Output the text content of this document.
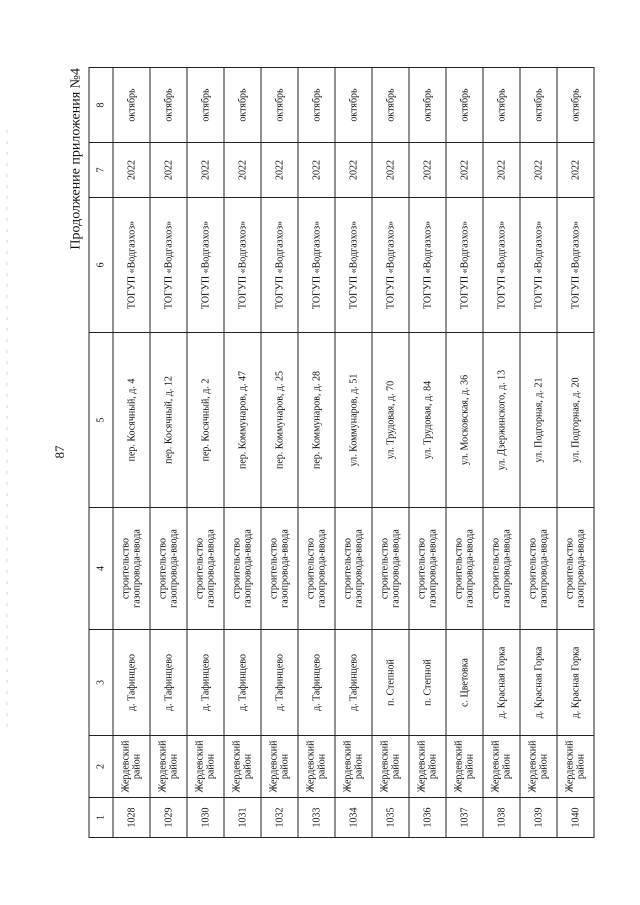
87
Продолжение приложения №4
1	2	3	4	5	6	7	8
1028	Жердевский район	д. Тафинцево	строительство газопровода-ввода	пер. Косячный, д. 4	ТОГУП «Водгазхоз»	2022	октябрь
1029	Жердевский район	д. Тафинцево	строительство газопровода-ввода	пер. Косячный, д. 12	ТОГУП «Водгазхоз»	2022	октябрь
1030	Жердевский район	д. Тафинцево	строительство газопровода-ввода	пер. Косячный, д. 2	ТОГУП «Водгазхоз»	2022	октябрь
1031	Жердевский район	д. Тафинцево	строительство газопровода-ввода	пер. Коммунаров, д. 47	ТОГУП «Водгазхоз»	2022	октябрь
1032	Жердевский район	д. Тафинцево	строительство газопровода-ввода	пер. Коммунаров, д. 25	ТОГУП «Водгазхоз»	2022	октябрь
1033	Жердевский район	д. Тафинцево	строительство газопровода-ввода	пер. Коммунаров, д. 28	ТОГУП «Водгазхоз»	2022	октябрь
1034	Жердевский район	д. Тафинцево	строительство газопровода-ввода	ул. Коммунаров, д. 51	ТОГУП «Водгазхоз»	2022	октябрь
1035	Жердевский район	п. Степной	строительство газопровода-ввода	ул. Трудовая, д. 70	ТОГУП «Водгазхоз»	2022	октябрь
1036	Жердевский район	п. Степной	строительство газопровода-ввода	ул. Трудовая, д. 84	ТОГУП «Водгазхоз»	2022	октябрь
1037	Жердевский район	с. Цветовка	строительство газопровода-ввода	ул. Московская, д. 36	ТОГУП «Водгазхоз»	2022	октябрь
1038	Жердевский район	д. Красная Горка	строительство газопровода-ввода	ул. Дзержинского, д. 13	ТОГУП «Водгазхоз»	2022	октябрь
1039	Жердевский район	д. Красная Горка	строительство газопровода-ввода	ул. Подгорная, д. 21	ТОГУП «Водгазхоз»	2022	октябрь
1040	Жердевский район	д. Красная Горка	строительство газопровода-ввода	ул. Подгорная, д. 20	ТОГУП «Водгазхоз»	2022	октябрь
